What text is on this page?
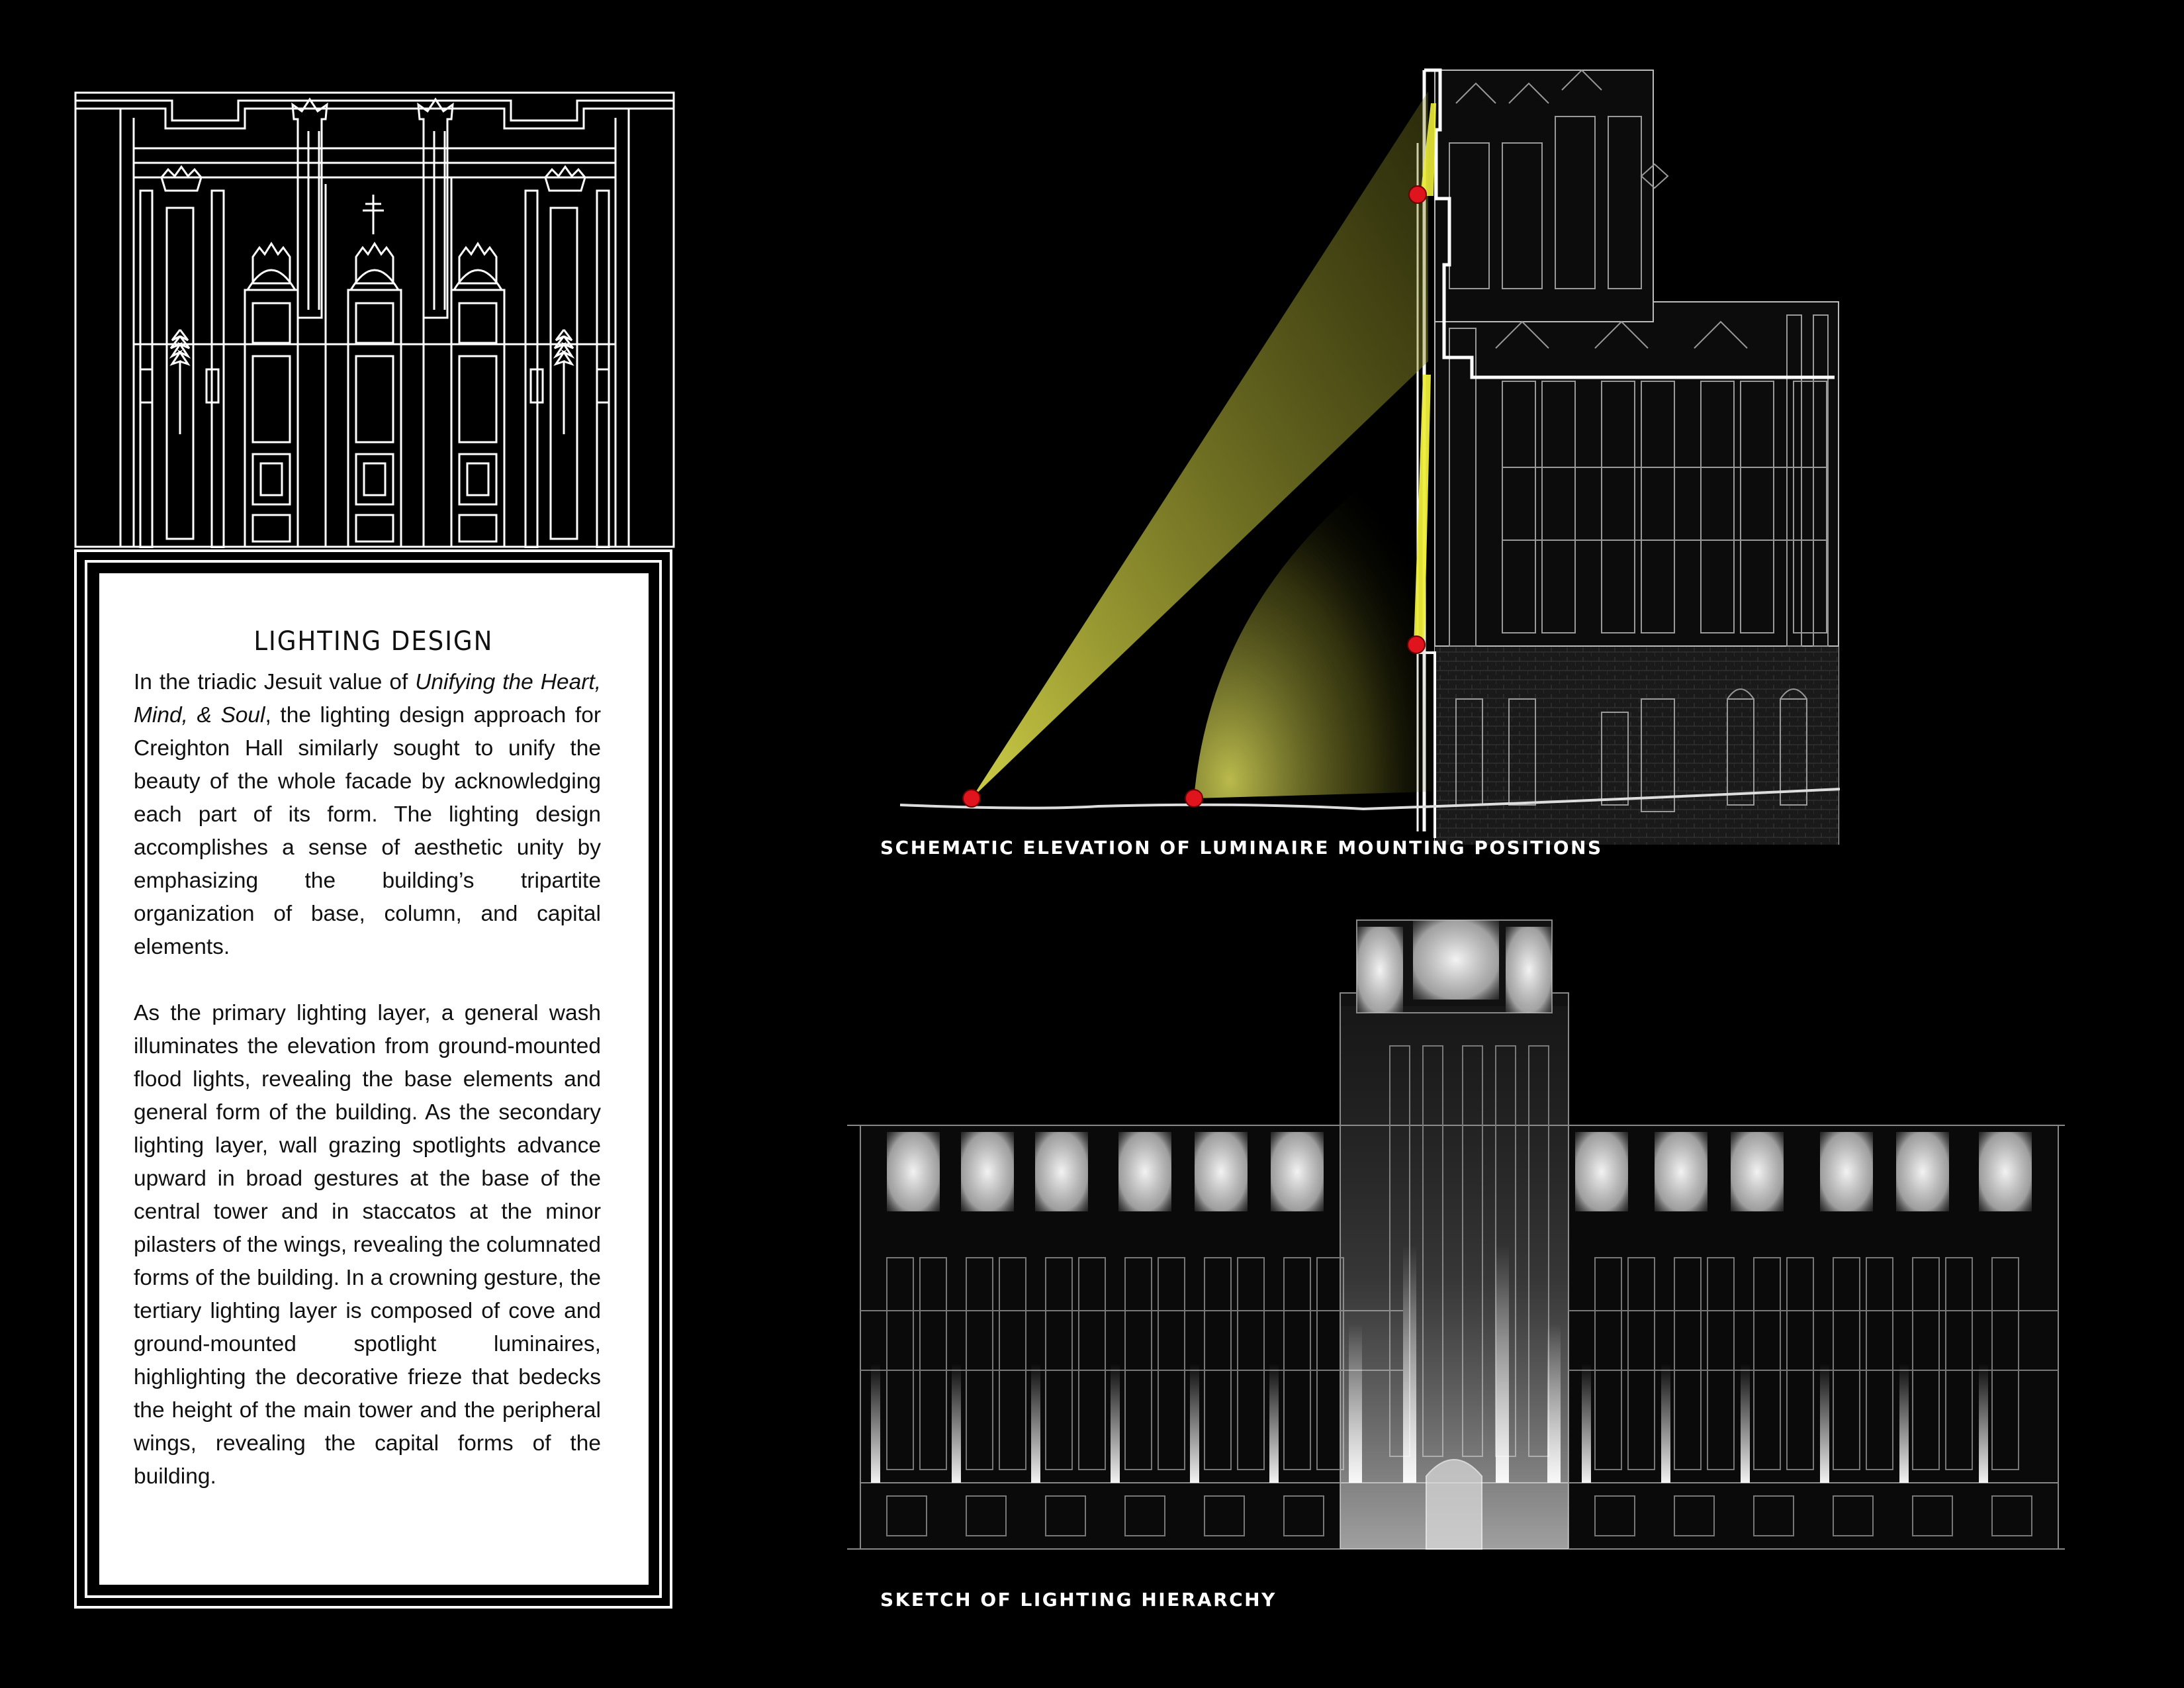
LIGHTING DESIGN

In the triadic Jesuit value of Unifying the Heart, Mind, & Soul, the lighting design approach for Creighton Hall similarly sought to unify the beauty of the whole facade by acknowledging each part of its form. The lighting design accomplishes a sense of aesthetic unity by emphasizing the building’s tripartite organization of base, column, and capital elements.

As the primary lighting layer, a general wash illuminates the elevation from ground-mounted flood lights, revealing the base elements and general form of the building. As the secondary lighting layer, wall grazing spotlights advance upward in broad gestures at the base of the central tower and in staccatos at the minor pilasters of the wings, revealing the columnated forms of the building. In a crowning gesture, the tertiary lighting layer is composed of cove and ground-mounted spotlight luminaires, highlighting the decorative frieze that bedecks the height of the main tower and the peripheral wings, revealing the capital forms of the building.

SCHEMATIC ELEVATION OF LUMINAIRE MOUNTING POSITIONS
SKETCH OF LIGHTING HIERARCHY
